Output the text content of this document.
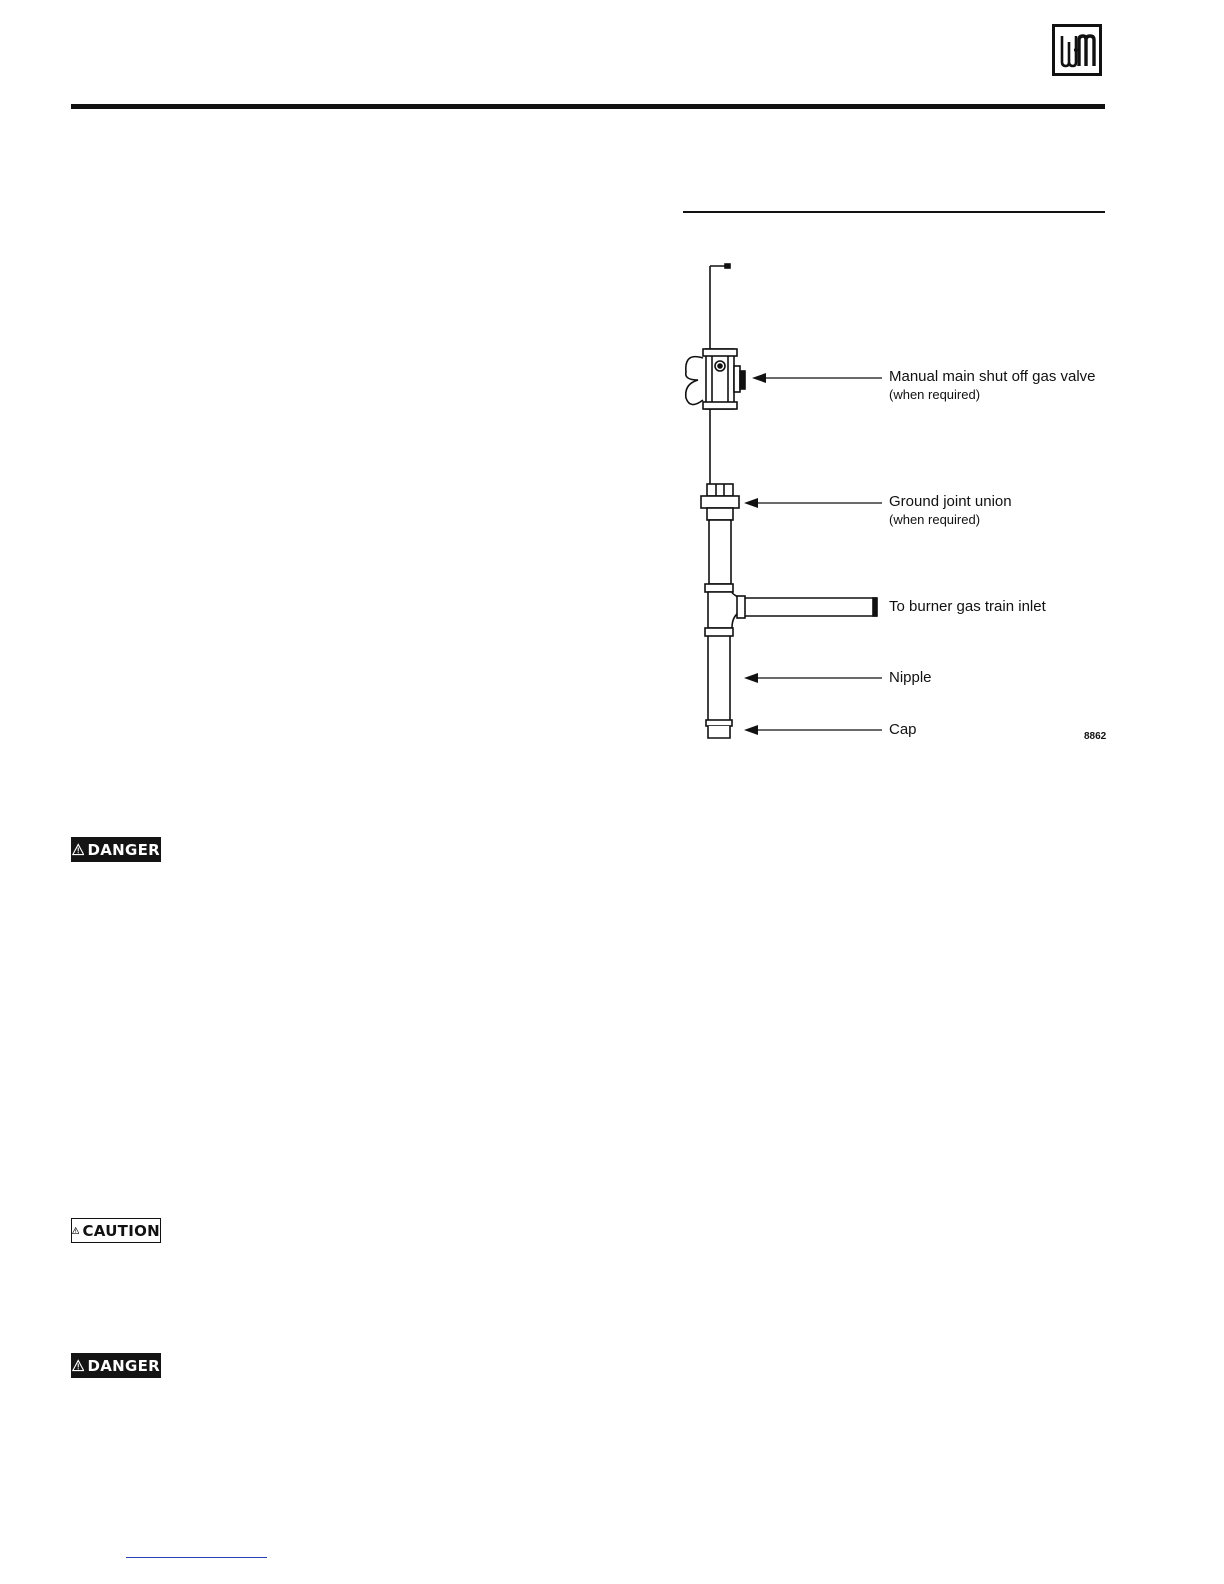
Manual main shut off gas valve
(when required)
Ground joint union
(when required)
To burner gas train inlet
Nipple
Cap	8862
DANGER
CAUTION
DANGER
